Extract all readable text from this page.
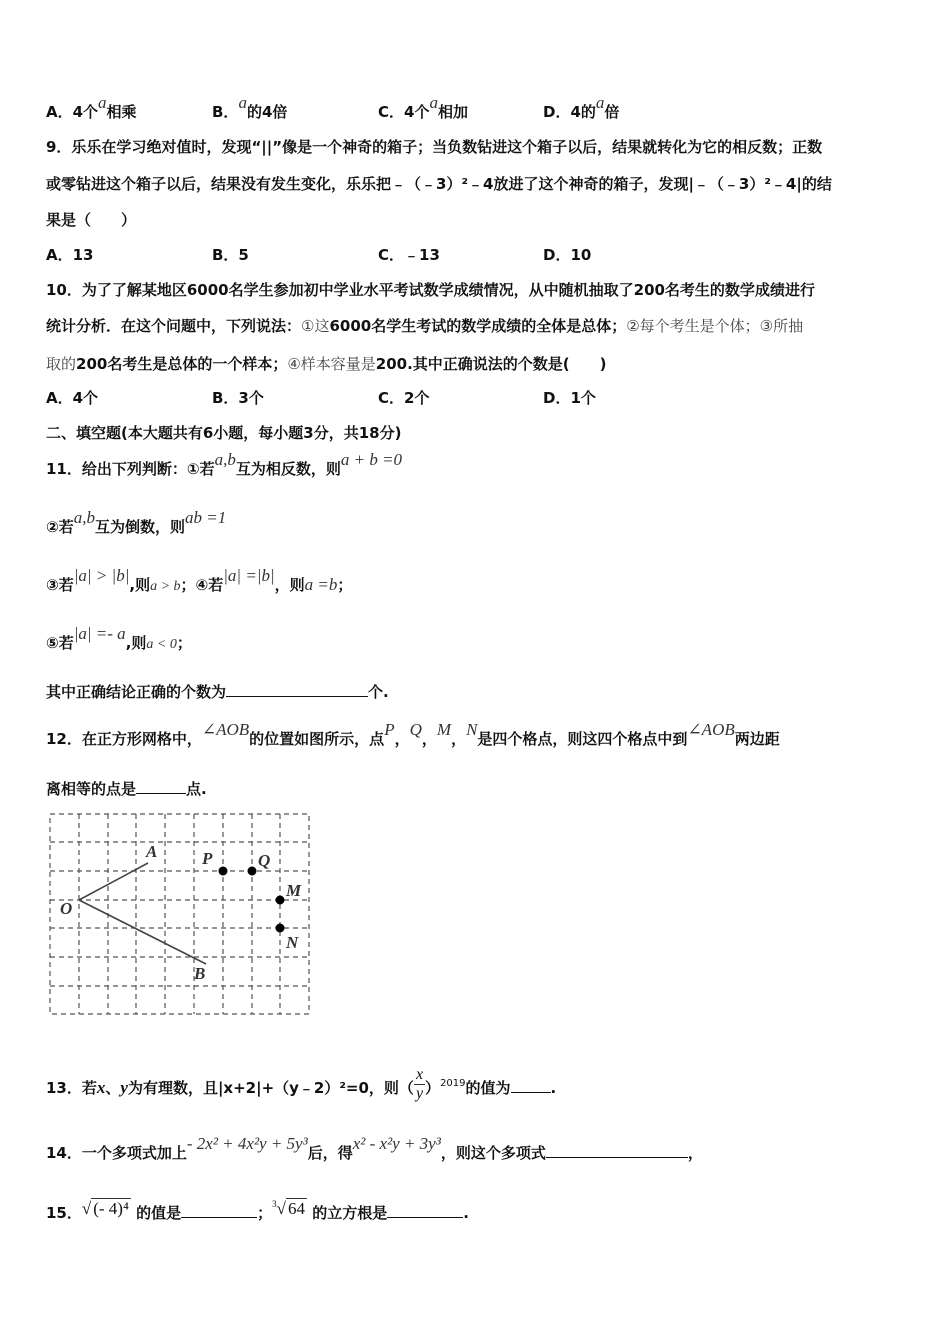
A．4个a相乘	B．a的4倍	C．4个a相加	D．4的a倍
9．乐乐在学习绝对值时，发现“||”像是一个神奇的箱子；当负数钻进这个箱子以后，结果就转化为它的相反数；正数
或零钻进这个箱子以后，结果没有发生变化，乐乐把﹣（﹣3）²﹣4放进了这个神奇的箱子，发现|﹣（﹣3）²﹣4|的结
果是（　　）
A．13	B．5	C．﹣13	D．10
10．为了了解某地区6000名学生参加初中学业水平考试数学成绩情况，从中随机抽取了200名考生的数学成绩进行
统计分析．在这个问题中，下列说法：①这6000名学生考试的数学成绩的全体是总体；②每个考生是个体；③所抽
取的200名考生是总体的一个样本；④样本容量是200.其中正确说法的个数是(　　)
A．4个	B．3个	C．2个	D．1个
二、填空题(本大题共有6小题，每小题3分，共18分)
11．给出下列判断：①若a,b互为相反数，则a + b =0
②若a,b互为倒数，则ab =1
③若|a| > |b|,则a > b；④若|a| =|b|，则a =b；
⑤若|a| =- a,则a < 0；
其中正确结论正确的个数为	个.
12．在正方形网格中，∠AOB的位置如图所示，点P，Q，M，N是四个格点，则这四个格点中到∠AOB两边距
离相等的点是	点.
O
A
B
P	Q
M
N
13．若x、y为有理数，且|x+2|+（y﹣2）²=0，则（ $\frac{x}{y} )^{2019}$的值为	.
14．一个多项式加上- 2x² + 4x²y + 5y³后，得x² - x²y + 3y³，则这个多项式	，
15．√ (- 4)⁴ 的值是	；$^3$√ 64 的立方根是	.
